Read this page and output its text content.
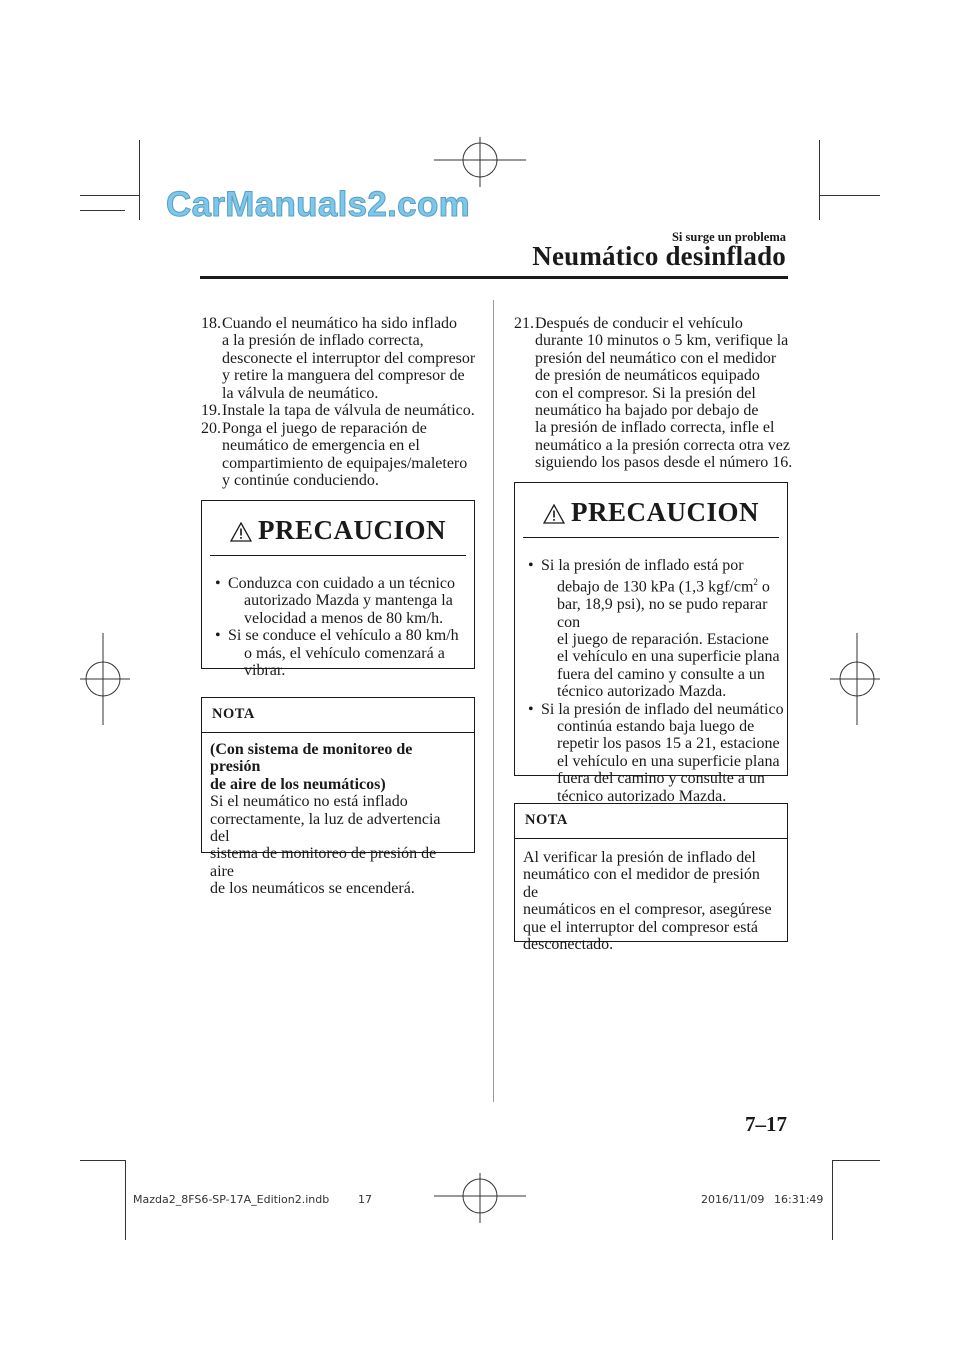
CarManuals2.com
Si surge un problema
Neumático desinflado
18. Cuando el neumático ha sido inflado
a la presión de inflado correcta,
desconecte el interruptor del compresor
y retire la manguera del compresor de
la válvula de neumático.
19. Instale la tapa de válvula de neumático.
20. Ponga el juego de reparación de
neumático de emergencia en el
compartimiento de equipajes/maletero
y continúe conduciendo.
PRECAUCION
• Conduzca con cuidado a un técnico
autorizado Mazda y mantenga la
velocidad a menos de 80 km/h.
• Si se conduce el vehículo a 80 km/h
o más, el vehículo comenzará a
vibrar.
NOTA
(Con sistema de monitoreo de presión
de aire de los neumáticos)
Si el neumático no está inflado
correctamente, la luz de advertencia del
sistema de monitoreo de presión de aire
de los neumáticos se encenderá.
21. Después de conducir el vehículo
durante 10 minutos o 5 km, verifique la
presión del neumático con el medidor
de presión de neumáticos equipado
con el compresor. Si la presión del
neumático ha bajado por debajo de
la presión de inflado correcta, infle el
neumático a la presión correcta otra vez
siguiendo los pasos desde el número 16.
PRECAUCION
• Si la presión de inflado está por
debajo de 130 kPa (1,3 kgf/$cm^2$ o
bar, 18,9 psi), no se pudo reparar con
el juego de reparación. Estacione
el vehículo en una superficie plana
fuera del camino y consulte a un
técnico autorizado Mazda.
• Si la presión de inflado del neumático
continúa estando baja luego de
repetir los pasos 15 a 21, estacione
el vehículo en una superficie plana
fuera del camino y consulte a un
técnico autorizado Mazda.
NOTA
Al verificar la presión de inflado del
neumático con el medidor de presión de
neumáticos en el compresor, asegúrese
que el interruptor del compresor está
desconectado.
7–17
Mazda2_8FS6-SP-17A_Edition2.indb	17	2016/11/09 16:31:49
